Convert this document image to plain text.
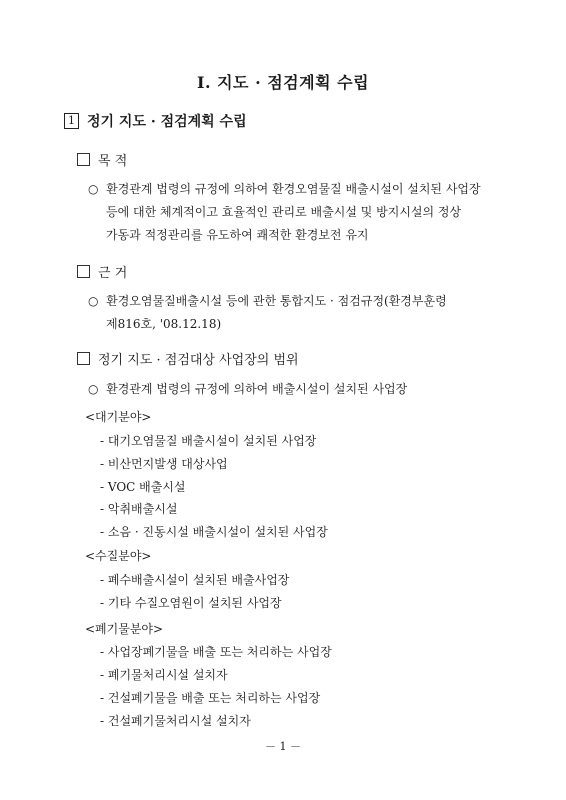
Ⅰ. 지도 · 점검계획 수립
1 정기 지도 · 점검계획 수립
목 적
○ 환경관계 법령의 규정에 의하여 환경오염물질 배출시설이 설치된 사업장
등에 대한 체계적이고 효율적인 관리로 배출시설 및 방지시설의 정상
가동과 적정관리를 유도하여 쾌적한 환경보전 유지
근 거
○ 환경오염물질배출시설 등에 관한 통합지도 · 점검규정(환경부훈령
제816호, '08.12.18)
정기 지도 · 점검대상 사업장의 범위
○ 환경관계 법령의 규정에 의하여 배출시설이 설치된 사업장
<대기분야>
- 대기오염물질 배출시설이 설치된 사업장
- 비산먼지발생 대상사업
- VOC 배출시설
- 악취배출시설
- 소음 · 진동시설 배출시설이 설치된 사업장
<수질분야>
- 폐수배출시설이 설치된 배출사업장
- 기타 수질오염원이 설치된 사업장
<폐기물분야>
- 사업장폐기물을 배출 또는 처리하는 사업장
- 폐기물처리시설 설치자
- 건설폐기물을 배출 또는 처리하는 사업장
- 건설폐기물처리시설 설치자
－ 1 －
